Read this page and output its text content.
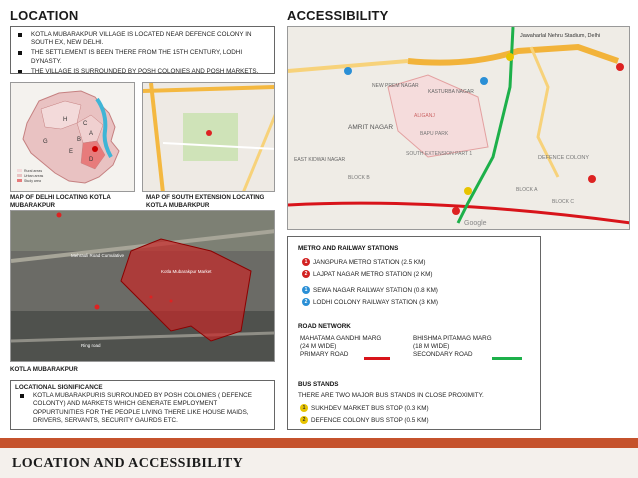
LOCATION
KOTLA MUBARAKPUR VILLAGE IS LOCATED NEAR DEFENCE COLONY IN SOUTH EX, NEW DELHI.
THE SETTLEMENT IS BEEN THERE FROM THE 15TH CENTURY, LODHI DYNASTY.
THE VILLAGE IS SURROUNDED BY POSH COLONIES AND POSH MARKETS.
H
C
A
G	B
E
D
Rural areas
Urban areas
Study area
MAP OF DELHI LOCATING KOTLA MUBARAKPUR
MAP OF SOUTH EXTENSION LOCATING KOTLA MUBARKPUR
Mehrauli Road Cumulative
Kotla Mubarakpur Market
Ring road
KOTLA MUBARAKPUR
LOCATIONAL SIGNIFICANCE
KOTLA MUBARAKPURIS SURROUNDED BY POSH COLONIES ( DEFENCE COLONTY) AND MARKETS WHICH GENERATE EMPLOYMENT OPPURTUNITIES FOR THE PEOPLE LIVING THERE LIKE HOUSE MAIDS, DRIVERS, SERVANTS, SECURITY GAURDS ETC.
ACCESSIBILITY
Jawaharlal Nehru Stadium, Delhi
AMRIT NAGAR
NEW PREM NAGAR
KASTURBA NAGAR
ALIGANJ
BAPU PARK
SOUTH EXTENSION PART 1
DEFENCE COLONY
EAST KIDWAI NAGAR
BLOCK A
BLOCK B
BLOCK C
Google
METRO AND RAILWAY STATIONS
1 JANGPURA METRO STATION (2.5 KM)
2 LAJPAT NAGAR METRO STATION (2 KM)
1 SEWA NAGAR RAILWAY STATION (0.8 KM)
2 LODHI COLONY RAILWAY STATION (3 KM)
ROAD NETWORK
MAHATAMA GANDHI MARG
(24 M WIDE)
PRIMARY ROAD
BHISHMA PITAMAG MARG
(18 M WIDE)
SECONDARY ROAD
BUS STANDS
THERE ARE TWO MAJOR BUS STANDS IN CLOSE PROXIMITY.
1 SUKHDEV MARKET BUS STOP (0.3 KM)
2 DEFENCE COLONY BUS STOP (0.5 KM)
LOCATION AND ACCESSIBILITY
